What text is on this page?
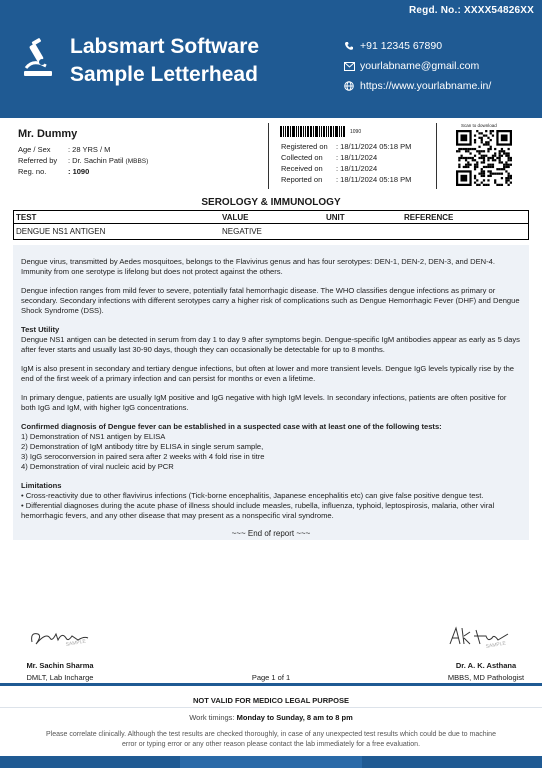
Regd. No.: XXXX54826XX
Labsmart Software
Sample Letterhead
+91 12345 67890
yourlabname@gmail.com
https://www.yourlabname.in/
Mr. Dummy
Age / Sex	: 28 YRS / M
Referred by	: Dr. Sachin Patil (MBBS)
Reg. no.	: 1090
1090
Registered on	: 18/11/2024 05:18 PM
Collected on	: 18/11/2024
Received on	: 18/11/2024
Reported on	: 18/11/2024 05:18 PM
Scan to download
SEROLOGY & IMMUNOLOGY
TEST	VALUE	UNIT	REFERENCE
DENGUE NS1 ANTIGEN	NEGATIVE

Dengue virus, transmitted by Aedes mosquitoes, belongs to the Flavivirus genus and has four serotypes: DEN-1, DEN-2, DEN-3, and DEN-4. Immunity from one serotype is lifelong but does not protect against the others.

Dengue infection ranges from mild fever to severe, potentially fatal hemorrhagic disease. The WHO classifies dengue infections as primary or secondary. Secondary infections with different serotypes carry a higher risk of complications such as Dengue Hemorrhagic Fever (DHF) and Dengue Shock Syndrome (DSS).

Test Utility

Dengue NS1 antigen can be detected in serum from day 1 to day 9 after symptoms begin. Dengue-specific IgM antibodies appear as early as 5 days after fever starts and usually last 30-90 days, though they can occasionally be detectable for up to 8 months.

IgM is also present in secondary and tertiary dengue infections, but often at lower and more transient levels. Dengue IgG levels typically rise by the end of the first week of a primary infection and can persist for months or even a lifetime.

In primary dengue, patients are usually IgM positive and IgG negative with high IgM levels. In secondary infections, patients are often positive for both IgG and IgM, with higher IgG concentrations.

Confirmed diagnosis of Dengue fever can be established in a suspected case with at least one of the following tests:
1) Demonstration of NS1 antigen by ELISA
2) Demonstration of IgM antibody titre by ELISA in single serum sample,
3) IgG seroconversion in paired sera after 2 weeks with 4 fold rise in titre
4) Demonstration of viral nucleic acid by PCR
Limitations
• Cross-reactivity due to other flavivirus infections (Tick-borne encephalitis, Japanese encephalitis etc) can give false positive dengue test.
• Differential diagnoses during the acute phase of illness should include measles, rubella, influenza, typhoid, leptospirosis, malaria, other viral hemorrhagic fevers, and any other disease that may present as a nonspecific viral syndrome.
~~~ End of report ~~~
SAMPLE
Mr. Sachin Sharma
DMLT, Lab Incharge
SAMPLE
Dr. A. K. Asthana
MBBS, MD Pathologist
Page 1 of 1
NOT VALID FOR MEDICO LEGAL PURPOSE
Work timings: Monday to Sunday, 8 am to 8 pm
Please correlate clinically. Although the test results are checked thoroughly, in case of any unexpected test results which could be due to machine error or typing error or any other reason please contact the lab immediately for a free evaluation.
